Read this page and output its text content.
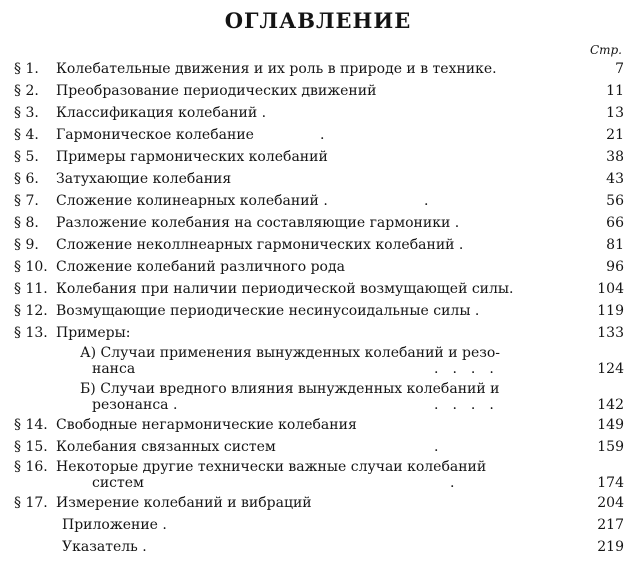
ОГЛАВЛЕНИЕ
Стр.
§ 1. Колебательные движения и их роль в природе и в технике.	7
§ 2. Преобразование периодических движений	11
§ 3. Классификация колебаний .	13
§ 4. Гармоническое колебание	.	21
§ 5. Примеры гармонических колебаний	38
§ 6. Затухающие колебания	43
§ 7. Сложение колинеарных колебаний .	.	56
§ 8. Разложение колебания на составляющие гармоники .	66
§ 9. Сложение неколлнеарных гармонических колебаний .	81
§ 10. Сложение колебаний различного рода	96
§ 11. Колебания при наличии периодической возмущающей силы.	104
§ 12. Возмущающие периодические несинусоидальные силы .	119
§ 13. Примеры:	133
А) Случаи применения вынужденных колебаний и резо-
нанса	....	124
Б) Случаи вредного влияния вынужденных колебаний и
резонанса .	....	142
§ 14. Свободные негармонические колебания	149
§ 15. Колебания связанных систем	.	159
§ 16. Некоторые другие технически важные случаи колебаний
систем	.	174
§ 17. Измерение колебаний и вибраций	204
Приложение .	217
Указатель .	219
